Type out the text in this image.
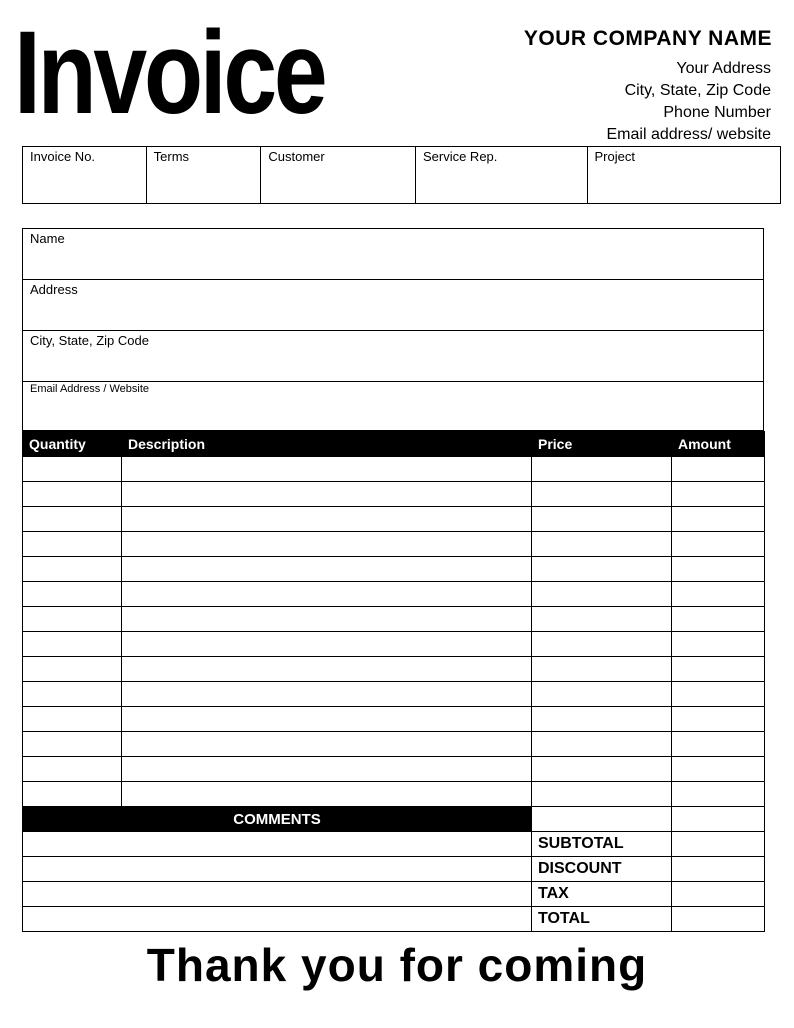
Invoice	YOUR COMPANY NAME
Your Address
City, State, Zip Code
Phone Number
Email address/ website
Invoice No.	Terms	Customer	Service Rep.	Project
Name
Address
City, State, Zip Code
Email Address / Website
Quantity	Description	Price	Amount

COMMENTS		
	SUBTOTAL	
	DISCOUNT	
	TAX	
	TOTAL	
Thank you for coming
